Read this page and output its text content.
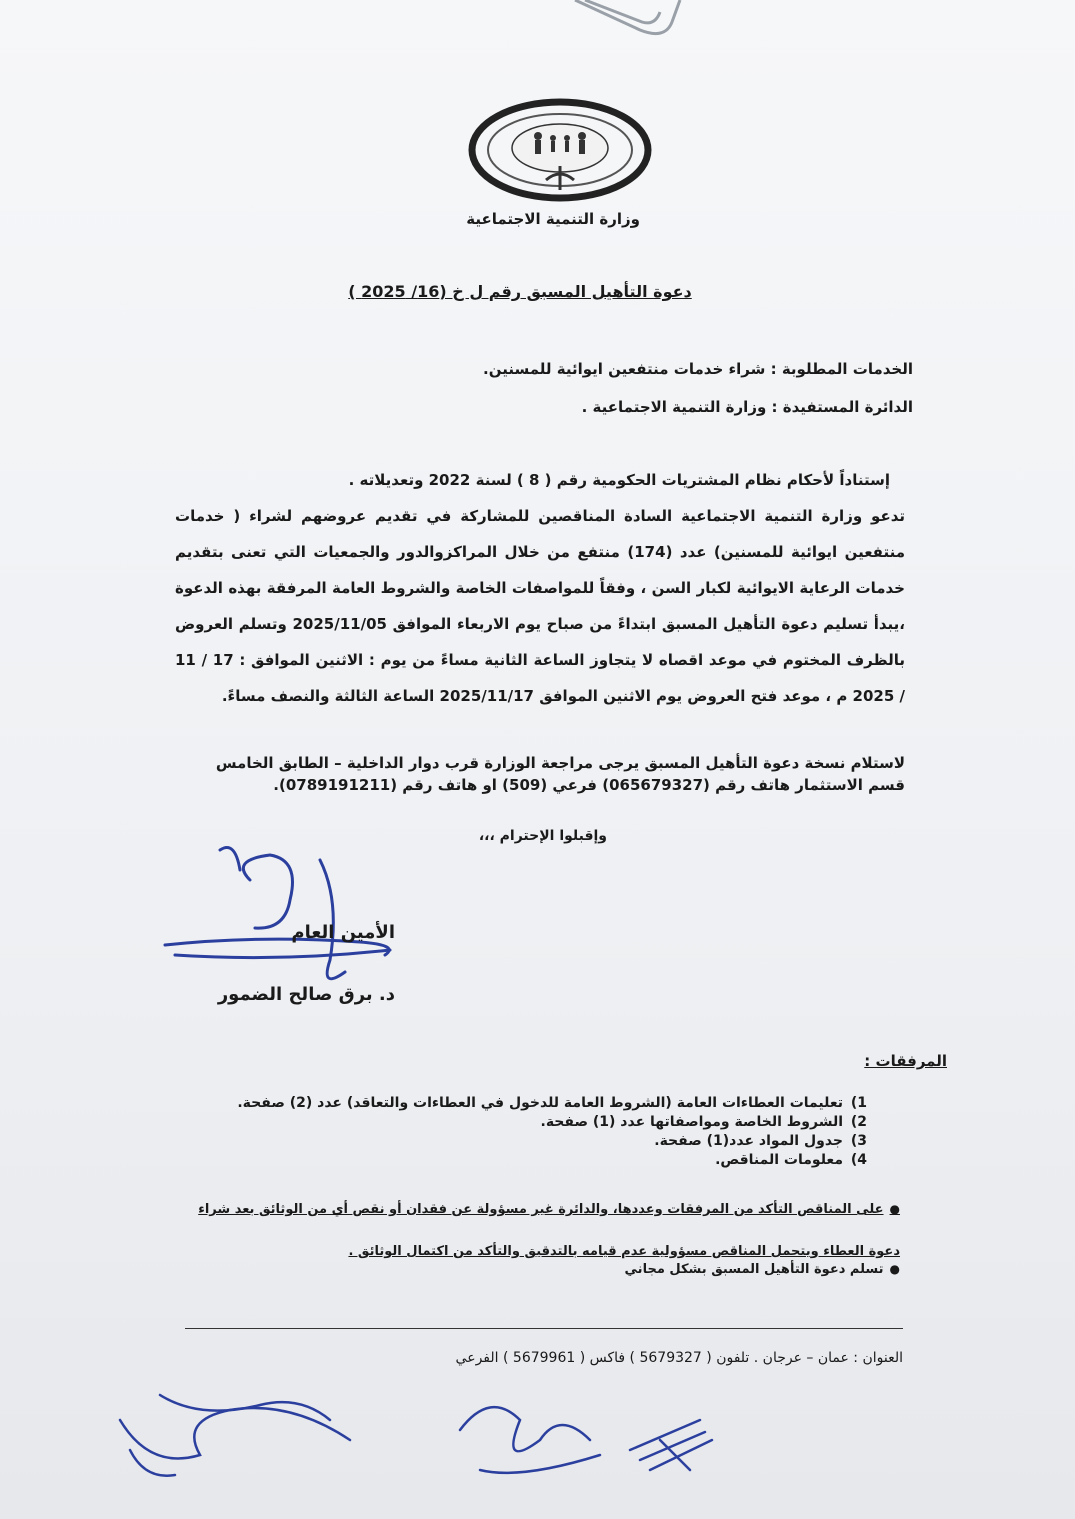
وزارة التنمية الاجتماعية
دعوة التأهيل المسبق رقم ل خ (16/ 2025 )
الخدمات المطلوبة : شراء خدمات منتفعين ايوائية للمسنين.
الدائرة المستفيدة : وزارة التنمية الاجتماعية .
إستناداً لأحكام نظام المشتريات الحكومية رقم ( 8 ) لسنة 2022 وتعديلاته .
تدعو وزارة التنمية الاجتماعية السادة المناقصين للمشاركة في تقديم عروضهم لشراء ( خدمات منتفعين ايوائية للمسنين) عدد (174) منتفع من خلال المراكزوالدور والجمعيات التي تعنى بتقديم خدمات الرعاية الايوائية لكبار السن ، وفقاً للمواصفات الخاصة والشروط العامة المرفقة بهذه الدعوة ،يبدأ تسليم دعوة التأهيل المسبق ابتداءً من صباح يوم الاربعاء الموافق 2025/11/05 وتسلم العروض بالظرف المختوم في موعد اقصاه لا يتجاوز الساعة الثانية مساءً من يوم : الاثنين الموافق : 17 / 11 / 2025 م ، موعد فتح العروض يوم الاثنين الموافق 2025/11/17 الساعة الثالثة والنصف مساءً.
لاستلام نسخة دعوة التأهيل المسبق يرجى مراجعة الوزارة قرب دوار الداخلية – الطابق الخامس قسم الاستثمار هاتف رقم (065679327) فرعي (509) او هاتف رقم (0789191211).
وإقبلوا الإحترام ،،،
الأمين العام
د. برق صالح الضمور
المرفقات :
1)تعليمات العطاءات العامة (الشروط العامة للدخول في العطاءات والتعاقد) عدد (2) صفحة.
2)الشروط الخاصة ومواصفاتها عدد (1) صفحة.
3)جدول المواد عدد(1) صفحة.
4)معلومات المناقص.
●على المناقص التأكد من المرفقات وعددها، والدائرة غير مسؤولة عن فقدان أو نقص أي من الوثائق بعد شراء دعوة العطاء ويتحمل المناقص مسؤولية عدم قيامه بالتدقيق والتأكد من اكتمال الوثائق .
●تسلم دعوة التأهيل المسبق بشكل مجاني
العنوان : عمان – عرجان . تلفون ( 5679327 ) فاكس ( 5679961 ) الفرعي
